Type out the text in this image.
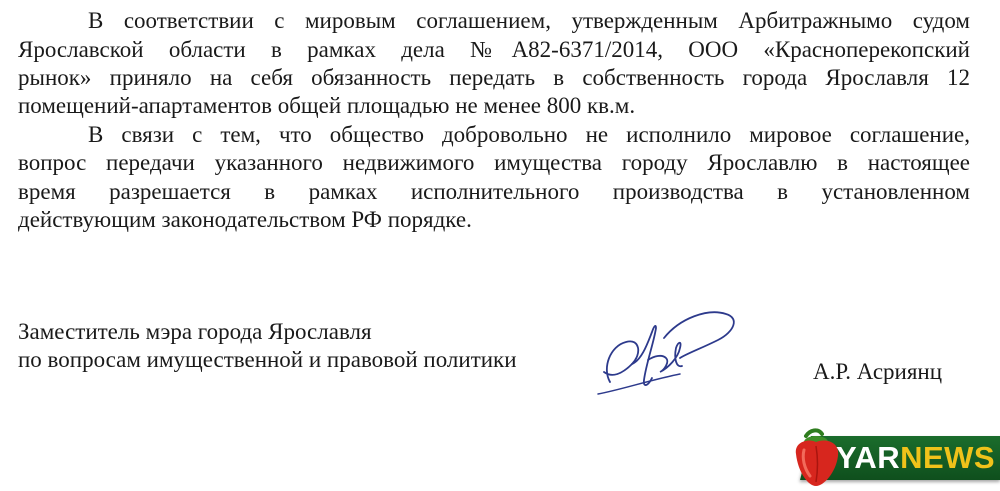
В соответствии с мировым соглашением, утвержденным Арбитражнымо судом
Ярославской области в рамках дела №А82-6371/2014, ООО «Краснoперекопский
рынок» приняло на себя обязанность передать в собственность города Ярославля 12
помещений-апартаментов общей площадью не менее 800 кв.м.
В связи с тем, что общество добровольно не исполнило мировое соглашение,
вопрос передачи указанного недвижимого имущества городу Ярославлю в настоящее
время разрешается в рамках исполнительного производства в установленном
действующим законодательством РФ порядке.
Заместитель мэра города Ярославля
по вопросам имущественной и правовой политики	А.Р. Асриянц
YARNEWS
